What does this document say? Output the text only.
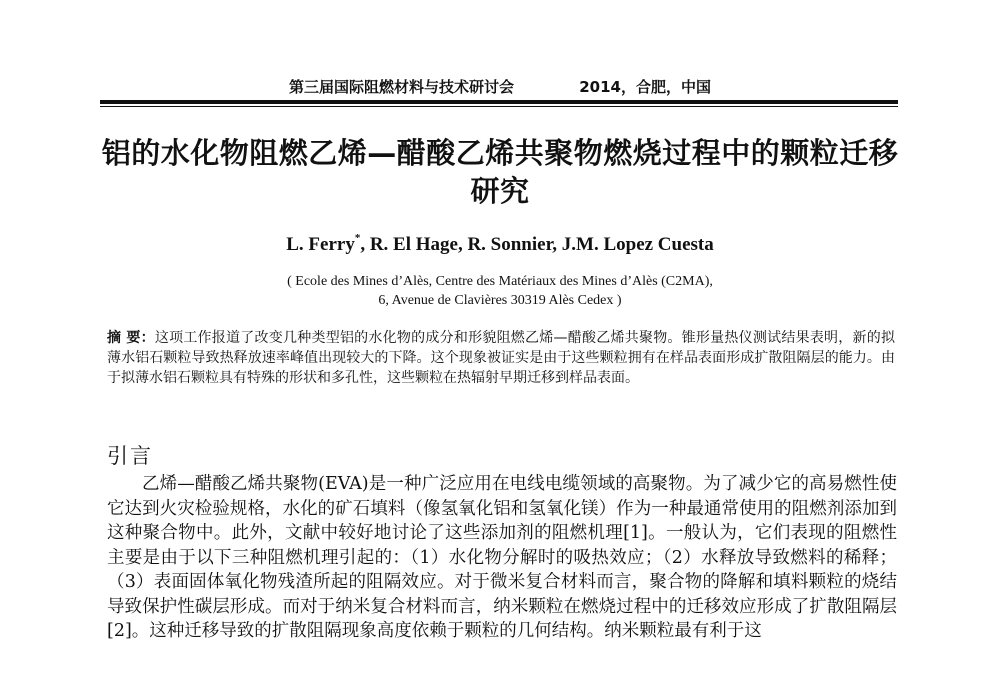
第三届国际阻燃材料与技术研讨会	2014，合肥，中国
铝的水化物阻燃乙烯—醋酸乙烯共聚物燃烧过程中的颗粒迁移研究
L. Ferry*, R. El Hage, R. Sonnier, J.M. Lopez Cuesta
( Ecole des Mines d’Alès, Centre des Matériaux des Mines d’Alès (C2MA),
6, Avenue de Clavières 30319 Alès Cedex )
摘 要：这项工作报道了改变几种类型铝的水化物的成分和形貌阻燃乙烯—醋酸乙烯共聚物。锥形量热仪测试结果表明，新的拟薄水铝石颗粒导致热释放速率峰值出现较大的下降。这个现象被证实是由于这些颗粒拥有在样品表面形成扩散阻隔层的能力。由于拟薄水铝石颗粒具有特殊的形状和多孔性，这些颗粒在热辐射早期迁移到样品表面。
引言
乙烯—醋酸乙烯共聚物(EVA)是一种广泛应用在电线电缆领域的高聚物。为了减少它的高易燃性使它达到火灾检验规格，水化的矿石填料（像氢氧化铝和氢氧化镁）作为一种最通常使用的阻燃剂添加到这种聚合物中。此外，文献中较好地讨论了这些添加剂的阻燃机理[1]。一般认为，它们表现的阻燃性主要是由于以下三种阻燃机理引起的：（1）水化物分解时的吸热效应；（2）水释放导致燃料的稀释；（3）表面固体氧化物残渣所起的阻隔效应。对于微米复合材料而言，聚合物的降解和填料颗粒的烧结导致保护性碳层形成。而对于纳米复合材料而言，纳米颗粒在燃烧过程中的迁移效应形成了扩散阻隔层[2]。这种迁移导致的扩散阻隔现象高度依赖于颗粒的几何结构。纳米颗粒最有利于这
